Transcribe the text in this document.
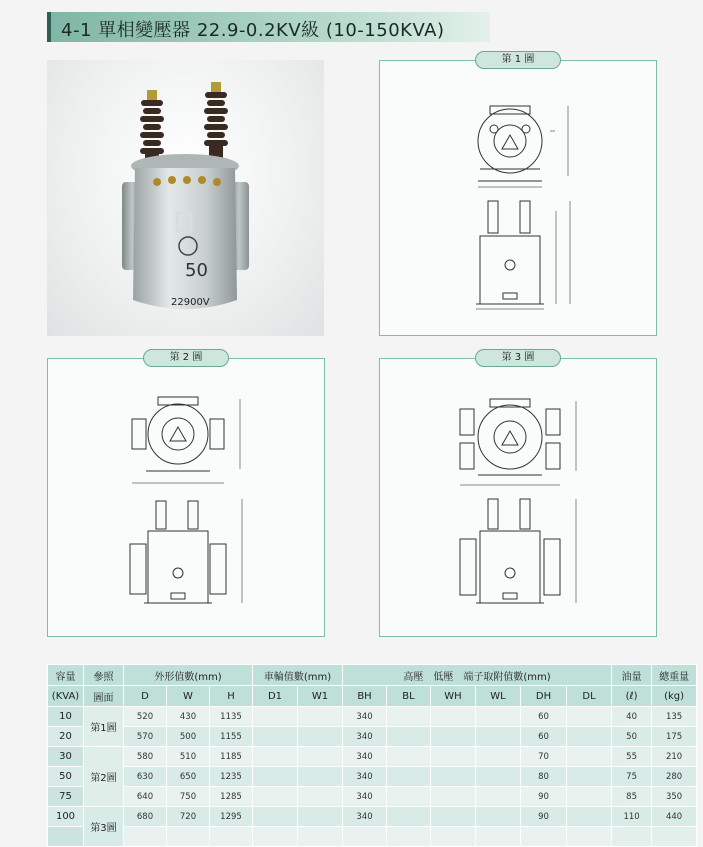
4-1 單相變壓器 22.9-0.2KV級 (10-150KVA)
50
22900V
第 1 圖
第 2 圖	第 3 圖
容量	參照	外形值數(mm)			車輪值數(mm)		高壓　低壓　端子取附值數(mm)						油量	總重量
(KVA)	圖面	D	W	H	D1	W1	BH	BL	WH	WL	DH	DL	(ℓ)	(kg)
10	第1圖	520	430	1135			340				60		40	135
20		570	500	1155			340				60		50	175
30	第2圖	580	510	1185			340				70		55	210
50		630	650	1235			340				80		75	280
75		640	750	1285			340				90		85	350
100	第3圖	680	720	1295			340				90		110	440
